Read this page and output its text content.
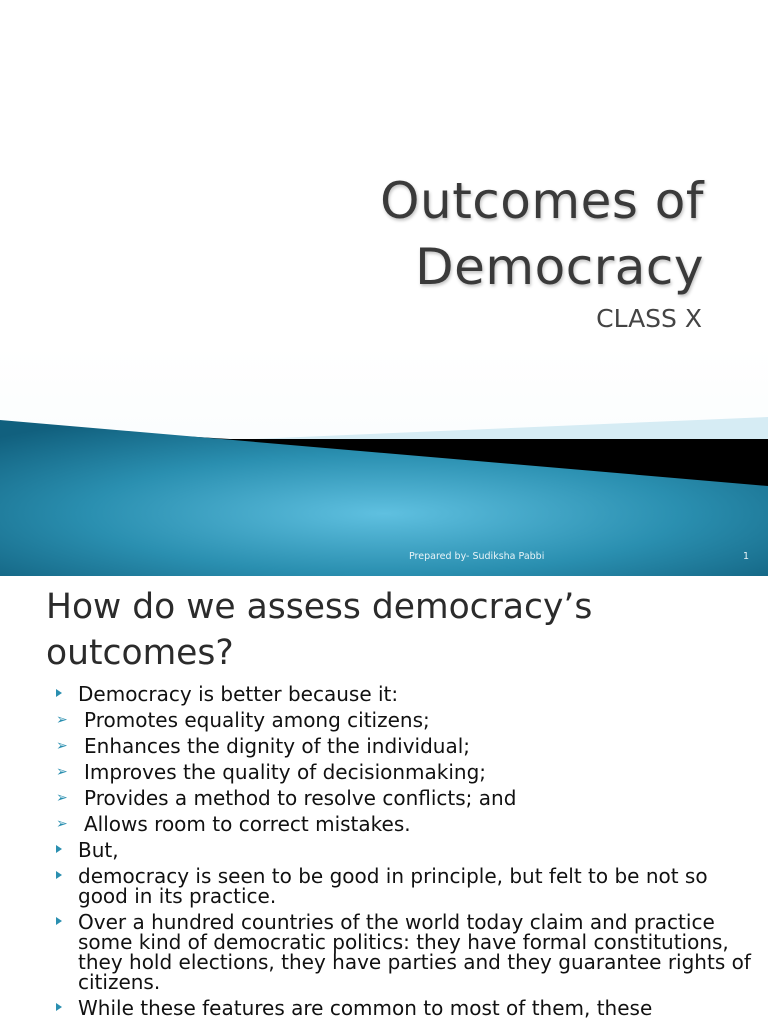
Outcomes of
Democracy
CLASS X
Prepared by- Sudiksha Pabbi	1
How do we assess democracy’s
outcomes?
Democracy is better because it:
➢ Promotes equality among citizens;
➢ Enhances the dignity of the individual;
➢ Improves the quality of decisionmaking;
➢ Provides a method to resolve conflicts; and
➢ Allows room to correct mistakes.
But,
democracy is seen to be good in principle, but felt to be not so good in its practice.
Over a hundred countries of the world today claim and practice some kind of democratic politics: they have formal constitutions, they hold elections, they have parties and they guarantee rights of citizens.
While these features are common to most of them, these
